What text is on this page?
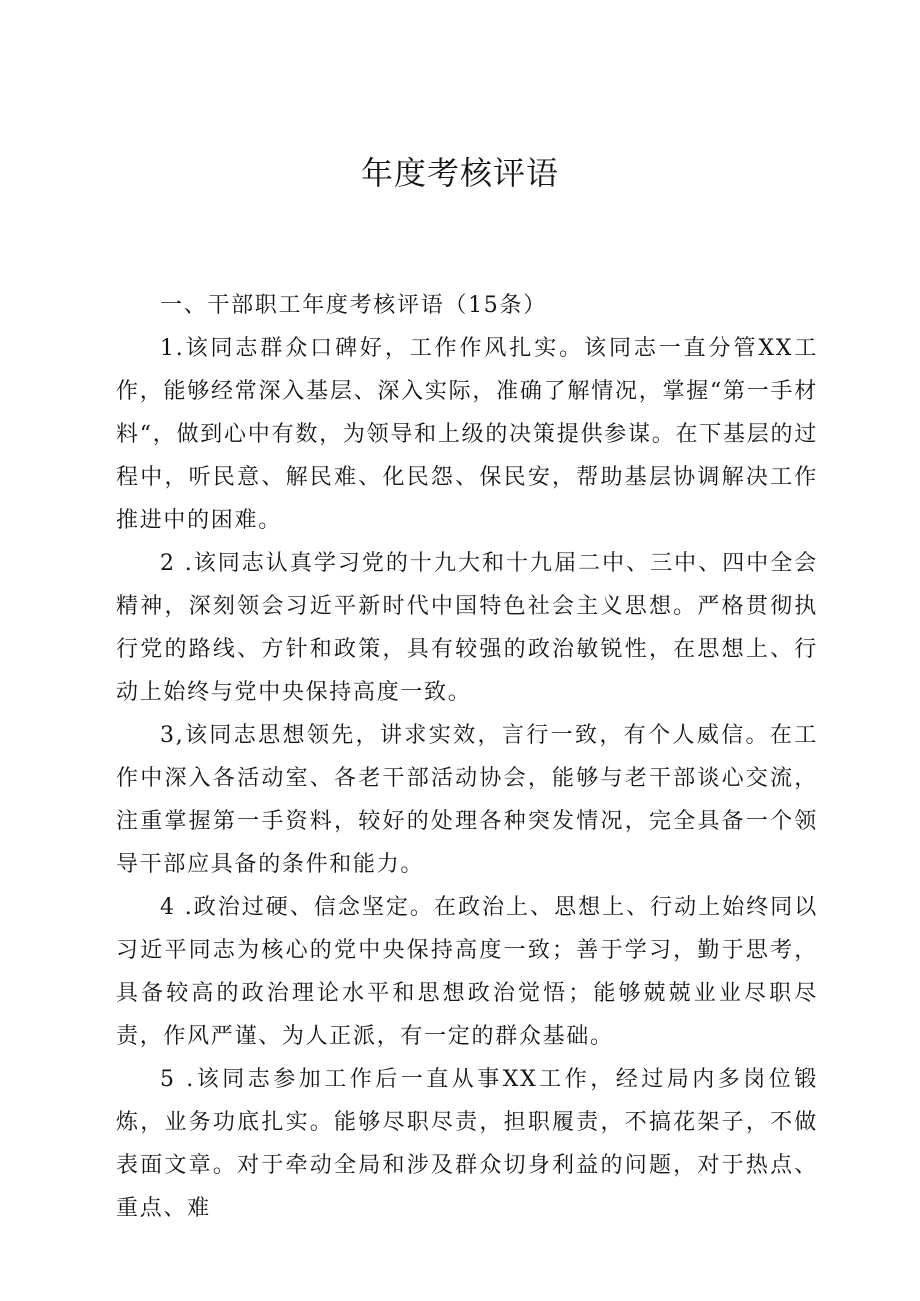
年度考核评语

一、干部职工年度考核评语（15条）

1.该同志群众口碑好，工作作风扎实。该同志一直分管XX工作，能够经常深入基层、深入实际，准确了解情况，掌握“第一手材料“，做到心中有数，为领导和上级的决策提供参谋。在下基层的过程中，听民意、解民难、化民怨、保民安，帮助基层协调解决工作推进中的困难。

2 .该同志认真学习党的十九大和十九届二中、三中、四中全会精神，深刻领会习近平新时代中国特色社会主义思想。严格贯彻执行党的路线、方针和政策，具有较强的政治敏锐性，在思想上、行动上始终与党中央保持高度一致。

3,该同志思想领先，讲求实效，言行一致，有个人威信。在工作中深入各活动室、各老干部活动协会，能够与老干部谈心交流，注重掌握第一手资料，较好的处理各种突发情况，完全具备一个领导干部应具备的条件和能力。

4 .政治过硬、信念坚定。在政治上、思想上、行动上始终同以习近平同志为核心的党中央保持高度一致；善于学习，勤于思考，具备较高的政治理论水平和思想政治觉悟；能够兢兢业业尽职尽责，作风严谨、为人正派，有一定的群众基础。

5 .该同志参加工作后一直从事XX工作，经过局内多岗位锻炼，业务功底扎实。能够尽职尽责，担职履责，不搞花架子，不做表面文章。对于牵动全局和涉及群众切身利益的问题，对于热点、重点、难
